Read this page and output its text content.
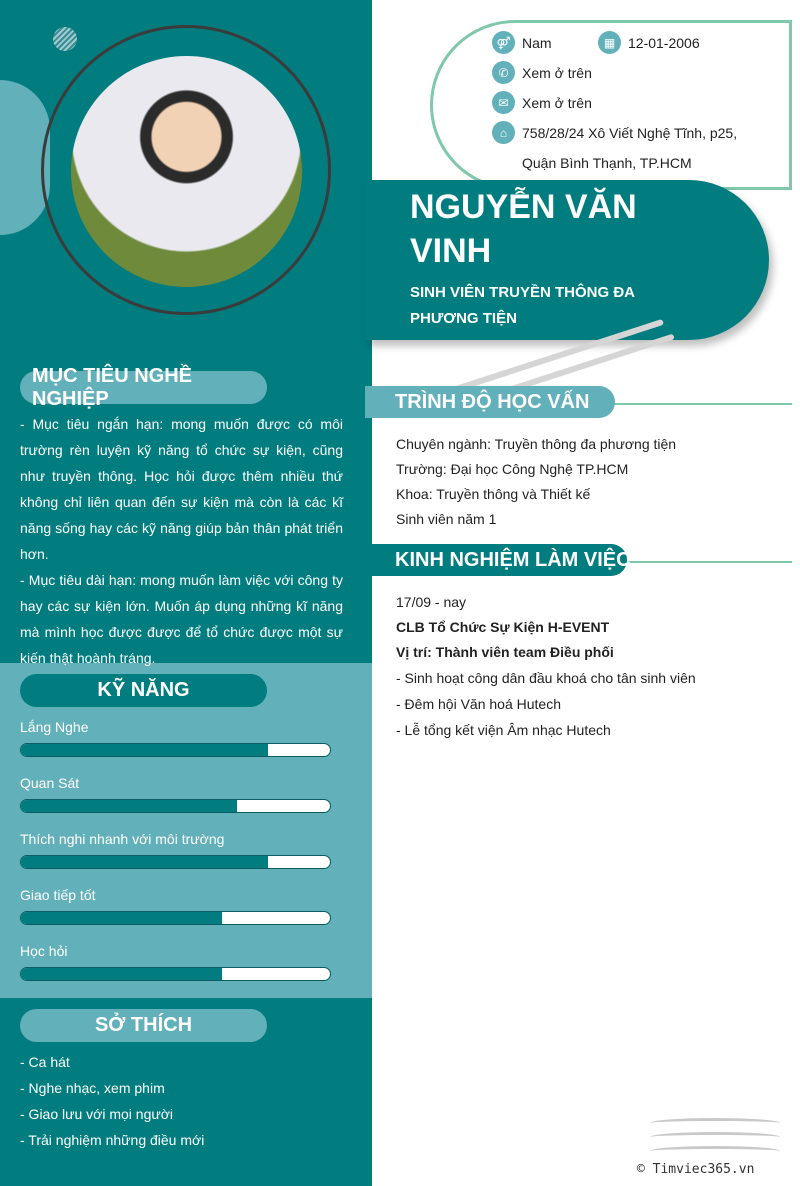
MỤC TIÊU NGHỀ NGHIỆP
- Mục tiêu ngắn hạn: mong muốn được có môi trường rèn luyện kỹ năng tổ chức sự kiện, cũng như truyền thông. Học hỏi được thêm nhiều thứ không chỉ liên quan đến sự kiện mà còn là các kĩ năng sống hay các kỹ năng giúp bản thân phát triển hơn.
- Mục tiêu dài hạn: mong muốn làm việc với công ty hay các sự kiện lớn. Muốn áp dụng những kĩ năng mà mình học được được để tổ chức được một sự kiến thật hoành tráng.
KỸ NĂNG
Lắng Nghe
Quan Sát
Thích nghi nhanh với môi trường
Giao tiếp tốt
Học hỏi
SỞ THÍCH
- Ca hát
- Nghe nhạc, xem phim
- Giao lưu với mọi người
- Trải nghiệm những điều mới
⚤ Nam	▦ 12-01-2006
✆ Xem ở trên
✉ Xem ở trên
⌂	758/28/24 Xô Viết Nghệ Tĩnh, p25,
Quận Bình Thạnh, TP.HCM
NGUYỄN VĂN VINH
SINH VIÊN TRUYỀN THÔNG ĐA PHƯƠNG TIỆN
TRÌNH ĐỘ HỌC VẤN
Chuyên ngành: Truyền thông đa phương tiện
Trường: Đại học Công Nghệ TP.HCM
Khoa: Truyền thông và Thiết kế
Sinh viên năm 1
KINH NGHIỆM LÀM VIỆC
17/09 - nay
CLB Tổ Chức Sự Kiện H-EVENT
Vị trí: Thành viên team Điều phối
- Sinh hoạt công dân đầu khoá cho tân sinh viên
- Đêm hội Văn hoá Hutech
- Lễ tổng kết viện Âm nhạc Hutech
© Timviec365.vn
